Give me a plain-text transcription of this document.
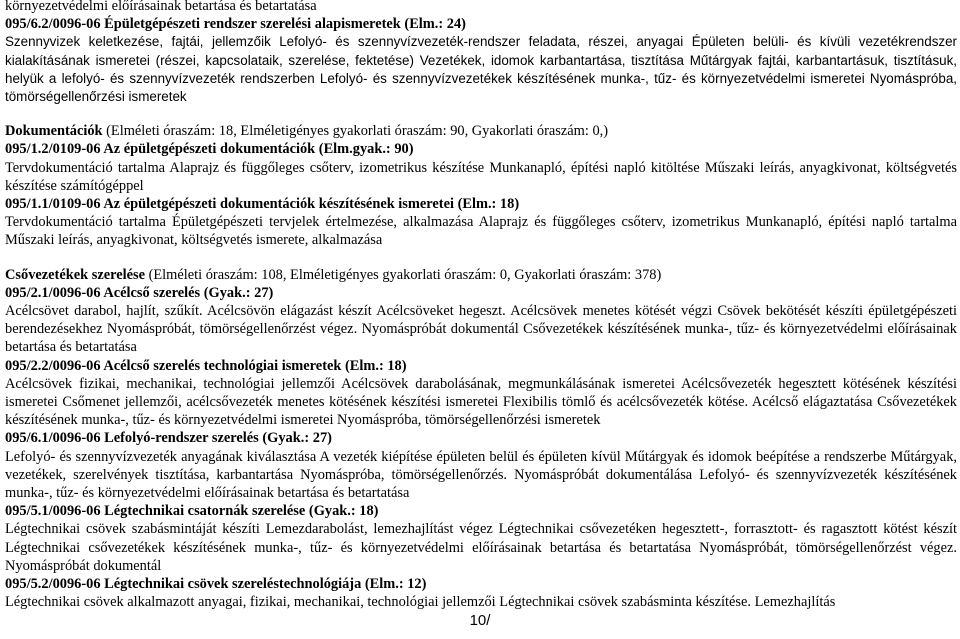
környezetvédelmi előírásainak betartása és betartatása

095/6.2/0096-06 Épületgépészeti rendszer szerelési alapismeretek (Elm.: 24)

Szennyvizek keletkezése, fajtái, jellemzőik Lefolyó- és szennyvízvezeték-rendszer feladata, részei, anyagai Épületen belüli- és kívüli vezetékrendszer kialakításának ismeretei (részei, kapcsolataik, szerelése, fektetése) Vezetékek, idomok karbantartása, tisztítása Műtárgyak fajtái, karbantartásuk, tisztításuk, helyük a lefolyó- és szennyvízvezeték rendszerben Lefolyó- és szennyvízvezetékek készítésének munka-, tűz- és környezetvédelmi ismeretei Nyomáspróba, tömörségellenőrzési ismeretek

Dokumentációk (Elméleti óraszám: 18, Elméletigényes gyakorlati óraszám: 90, Gyakorlati óraszám: 0,)

095/1.2/0109-06 Az épületgépészeti dokumentációk (Elm.gyak.: 90)

Tervdokumentáció tartalma Alaprajz és függőleges csőterv, izometrikus készítése Munkanapló, építési napló kitöltése Műszaki leírás, anyagkivonat, költségvetés készítése számítógéppel

095/1.1/0109-06 Az épületgépészeti dokumentációk készítésének ismeretei (Elm.: 18)

Tervdokumentáció tartalma Épületgépészeti tervjelek értelmezése, alkalmazása Alaprajz és függőleges csőterv, izometrikus Munkanapló, építési napló tartalma Műszaki leírás, anyagkivonat, költségvetés ismerete, alkalmazása

Csővezetékek szerelése (Elméleti óraszám: 108, Elméletigényes gyakorlati óraszám: 0, Gyakorlati óraszám: 378)

095/2.1/0096-06 Acélcső szerelés (Gyak.: 27)

Acélcsövet darabol, hajlít, szűkít. Acélcsövön elágazást készít Acélcsöveket hegeszt. Acélcsövek menetes kötését végzi Csövek bekötését készíti épületgépészeti berendezésekhez Nyomáspróbát, tömörségellenőrzést végez. Nyomáspróbát dokumentál Csővezetékek készítésének munka-, tűz- és környezetvédelmi előírásainak betartása és betartatása

095/2.2/0096-06 Acélcső szerelés technológiai ismeretek (Elm.: 18)

Acélcsövek fizikai, mechanikai, technológiai jellemzői Acélcsövek darabolásának, megmunkálásának ismeretei Acélcsővezeték hegesztett kötésének készítési ismeretei Csőmenet jellemzői, acélcsővezeték menetes kötésének készítési ismeretei Flexibilis tömlő és acélcsővezeték kötése. Acélcső elágaztatása Csővezetékek készítésének munka-, tűz- és környezetvédelmi ismeretei Nyomáspróba, tömörségellenőrzési ismeretek

095/6.1/0096-06 Lefolyó-rendszer szerelés (Gyak.: 27)

Lefolyó- és szennyvízvezeték anyagának kiválasztása A vezeték kiépítése épületen belül és épületen kívül Műtárgyak és idomok beépítése a rendszerbe Műtárgyak, vezetékek, szerelvények tisztítása, karbantartása Nyomáspróba, tömörségellenőrzés. Nyomáspróbát dokumentálása Lefolyó- és szennyvízvezeték készítésének munka-, tűz- és környezetvédelmi előírásainak betartása és betartatása

095/5.1/0096-06 Légtechnikai csatornák szerelése (Gyak.: 18)

Légtechnikai csövek szabásmintáját készíti Lemezdarabolást, lemezhajlítást végez Légtechnikai csővezetéken hegesztett-, forrasztott- és ragasztott kötést készít Légtechnikai csővezetékek készítésének munka-, tűz- és környezetvédelmi előírásainak betartása és betartatása Nyomáspróbát, tömörségellenőrzést végez. Nyomáspróbát dokumentál

095/5.2/0096-06 Légtechnikai csövek szereléstechnológiája (Elm.: 12)

Légtechnikai csövek alkalmazott anyagai, fizikai, mechanikai, technológiai jellemzői Légtechnikai csövek szabásminta készítése. Lemezhajlítás

10/
